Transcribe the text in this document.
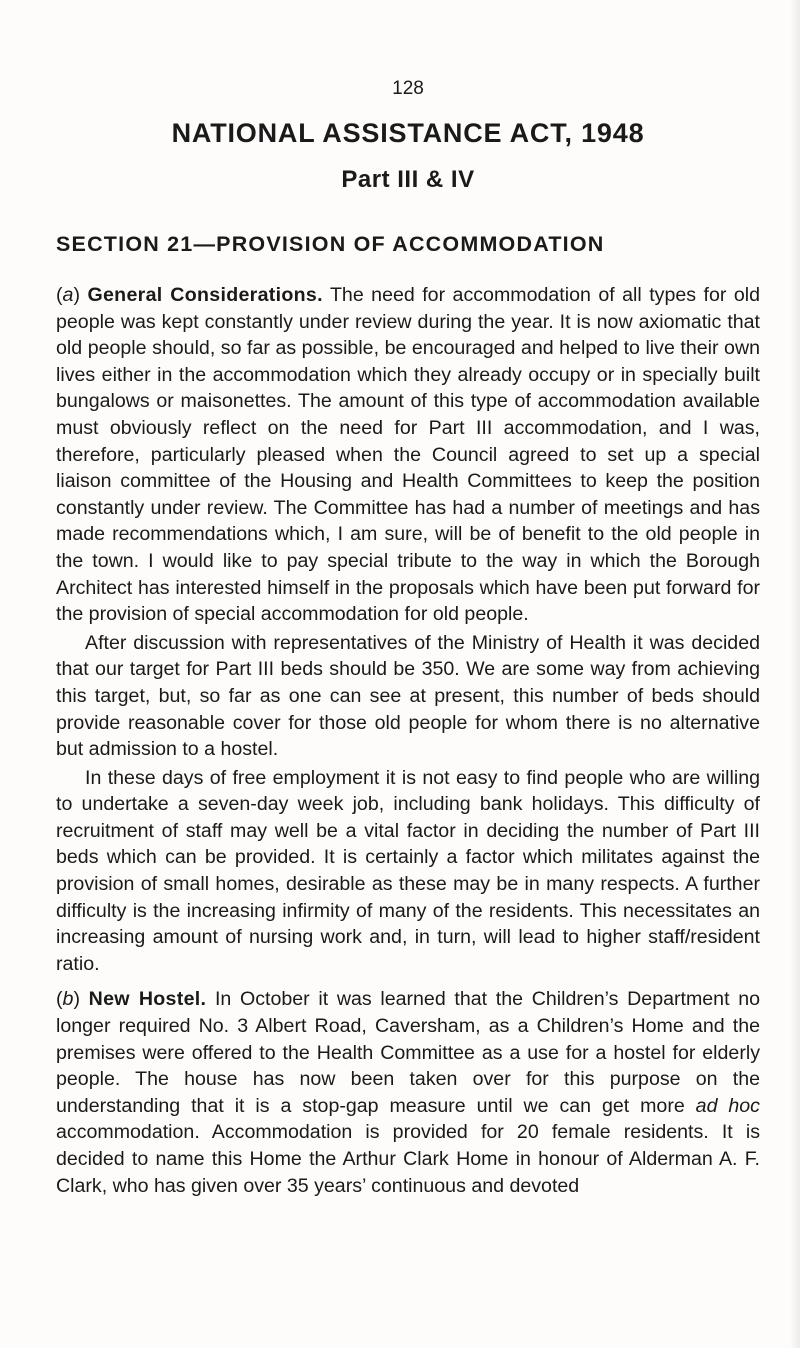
128
NATIONAL ASSISTANCE ACT, 1948
Part III & IV
SECTION 21—PROVISION OF ACCOMMODATION

(a) General Considerations. The need for accommodation of all types for old people was kept constantly under review during the year. It is now axiomatic that old people should, so far as possible, be encouraged and helped to live their own lives either in the accommodation which they already occupy or in specially built bungalows or maisonettes. The amount of this type of accommodation available must obviously reflect on the need for Part III accommodation, and I was, therefore, particularly pleased when the Council agreed to set up a special liaison committee of the Housing and Health Committees to keep the position constantly under review. The Committee has had a number of meetings and has made recommendations which, I am sure, will be of benefit to the old people in the town. I would like to pay special tribute to the way in which the Borough Architect has interested himself in the proposals which have been put forward for the provision of special accommodation for old people.

After discussion with representatives of the Ministry of Health it was decided that our target for Part III beds should be 350. We are some way from achieving this target, but, so far as one can see at present, this number of beds should provide reasonable cover for those old people for whom there is no alternative but admission to a hostel.

In these days of free employment it is not easy to find people who are willing to undertake a seven-day week job, including bank holidays. This difficulty of recruitment of staff may well be a vital factor in deciding the number of Part III beds which can be provided. It is certainly a factor which militates against the provision of small homes, desirable as these may be in many respects. A further difficulty is the increasing infirmity of many of the residents. This necessitates an increasing amount of nursing work and, in turn, will lead to higher staff/resident ratio.

(b) New Hostel. In October it was learned that the Children’s Department no longer required No. 3 Albert Road, Caversham, as a Children’s Home and the premises were offered to the Health Committee as a use for a hostel for elderly people. The house has now been taken over for this purpose on the understanding that it is a stop-gap measure until we can get more ad hoc accommodation. Accommodation is provided for 20 female residents. It is decided to name this Home the Arthur Clark Home in honour of Alderman A. F. Clark, who has given over 35 years’ continuous and devoted
